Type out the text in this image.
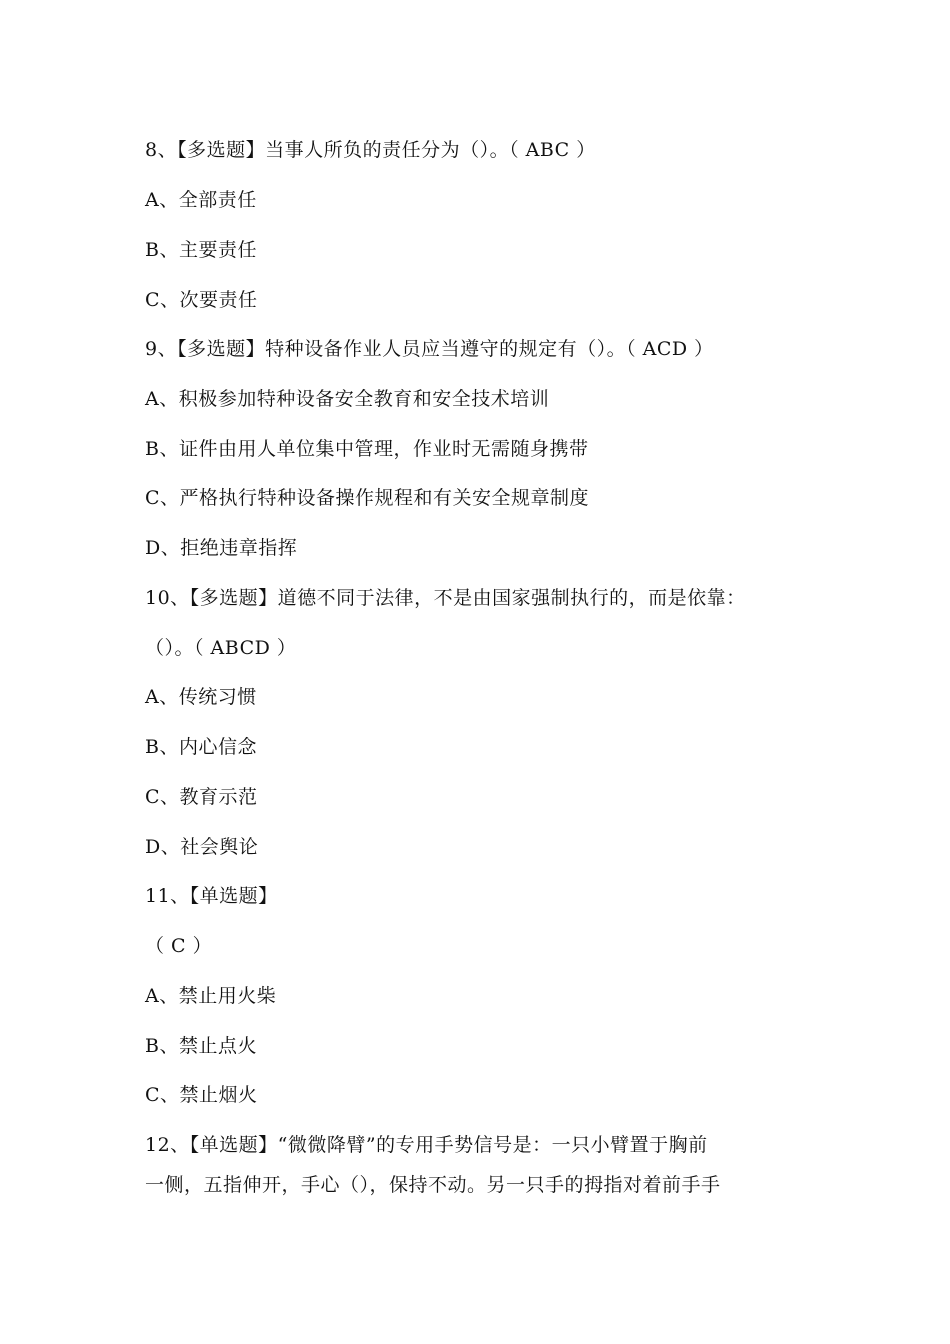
8、【多选题】当事人所负的责任分为（）。（ ABC ）
A、全部责任
B、主要责任
C、次要责任
9、【多选题】特种设备作业人员应当遵守的规定有（）。（ ACD ）
A、积极参加特种设备安全教育和安全技术培训
B、证件由用人单位集中管理，作业时无需随身携带
C、严格执行特种设备操作规程和有关安全规章制度
D、拒绝违章指挥
10、【多选题】道德不同于法律，不是由国家强制执行的，而是依靠：
（）。（ ABCD ）
A、传统习惯
B、内心信念
C、教育示范
D、社会舆论
11、【单选题】
（ C ）
A、禁止用火柴
B、禁止点火
C、禁止烟火
12、【单选题】“微微降臂”的专用手势信号是：一只小臂置于胸前
一侧，五指伸开，手心（），保持不动。另一只手的拇指对着前手手
